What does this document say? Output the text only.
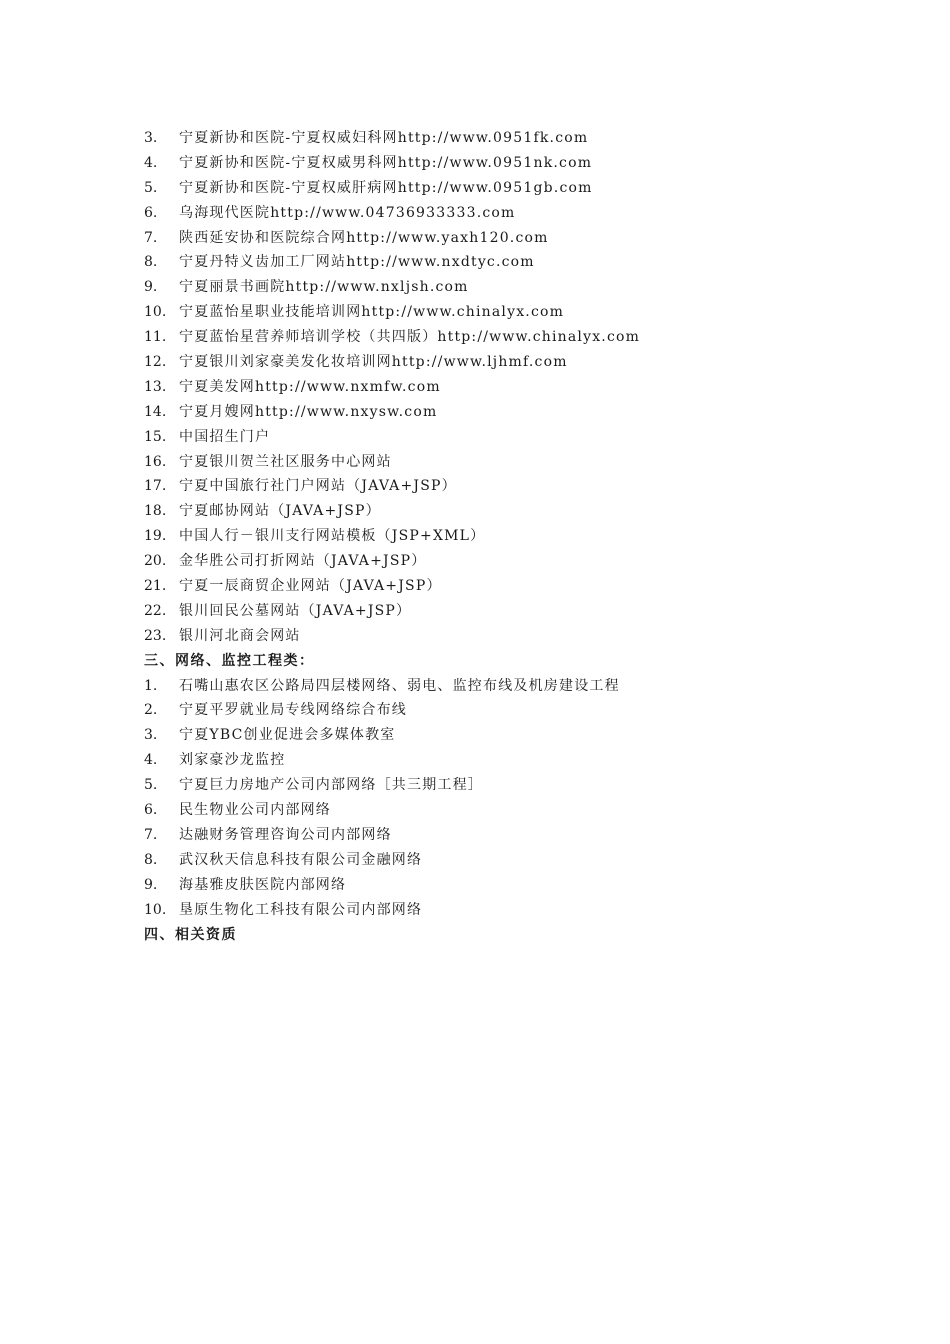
3.	宁夏新协和医院-宁夏权威妇科网http://www.0951fk.com
4.	宁夏新协和医院-宁夏权威男科网http://www.0951nk.com
5.	宁夏新协和医院-宁夏权威肝病网http://www.0951gb.com
6.	乌海现代医院http://www.04736933333.com
7.	陕西延安协和医院综合网http://www.yaxh120.com
8.	宁夏丹特义齿加工厂网站http://www.nxdtyc.com
9.	宁夏丽景书画院http://www.nxljsh.com
10. 宁夏蓝怡星职业技能培训网http://www.chinalyx.com
11. 宁夏蓝怡星营养师培训学校（共四版）http://www.chinalyx.com
12. 宁夏银川刘家豪美发化妆培训网http://www.ljhmf.com
13. 宁夏美发网http://www.nxmfw.com
14. 宁夏月嫂网http://www.nxysw.com
15. 中国招生门户
16. 宁夏银川贺兰社区服务中心网站
17. 宁夏中国旅行社门户网站（JAVA+JSP）
18. 宁夏邮协网站（JAVA+JSP）
19. 中国人行－银川支行网站模板（JSP+XML）
20. 金华胜公司打折网站（JAVA+JSP）
21. 宁夏一辰商贸企业网站（JAVA+JSP）
22. 银川回民公墓网站（JAVA+JSP）
23. 银川河北商会网站
三、网络、监控工程类：
1.	石嘴山惠农区公路局四层楼网络、弱电、监控布线及机房建设工程
2.	宁夏平罗就业局专线网络综合布线
3.	宁夏YBC创业促进会多媒体教室
4.	刘家豪沙龙监控
5.	宁夏巨力房地产公司内部网络［共三期工程］
6.	民生物业公司内部网络
7.	达融财务管理咨询公司内部网络
8.	武汉秋天信息科技有限公司金融网络
9.	海基雅皮肤医院内部网络
10. 垦原生物化工科技有限公司内部网络
四、相关资质
